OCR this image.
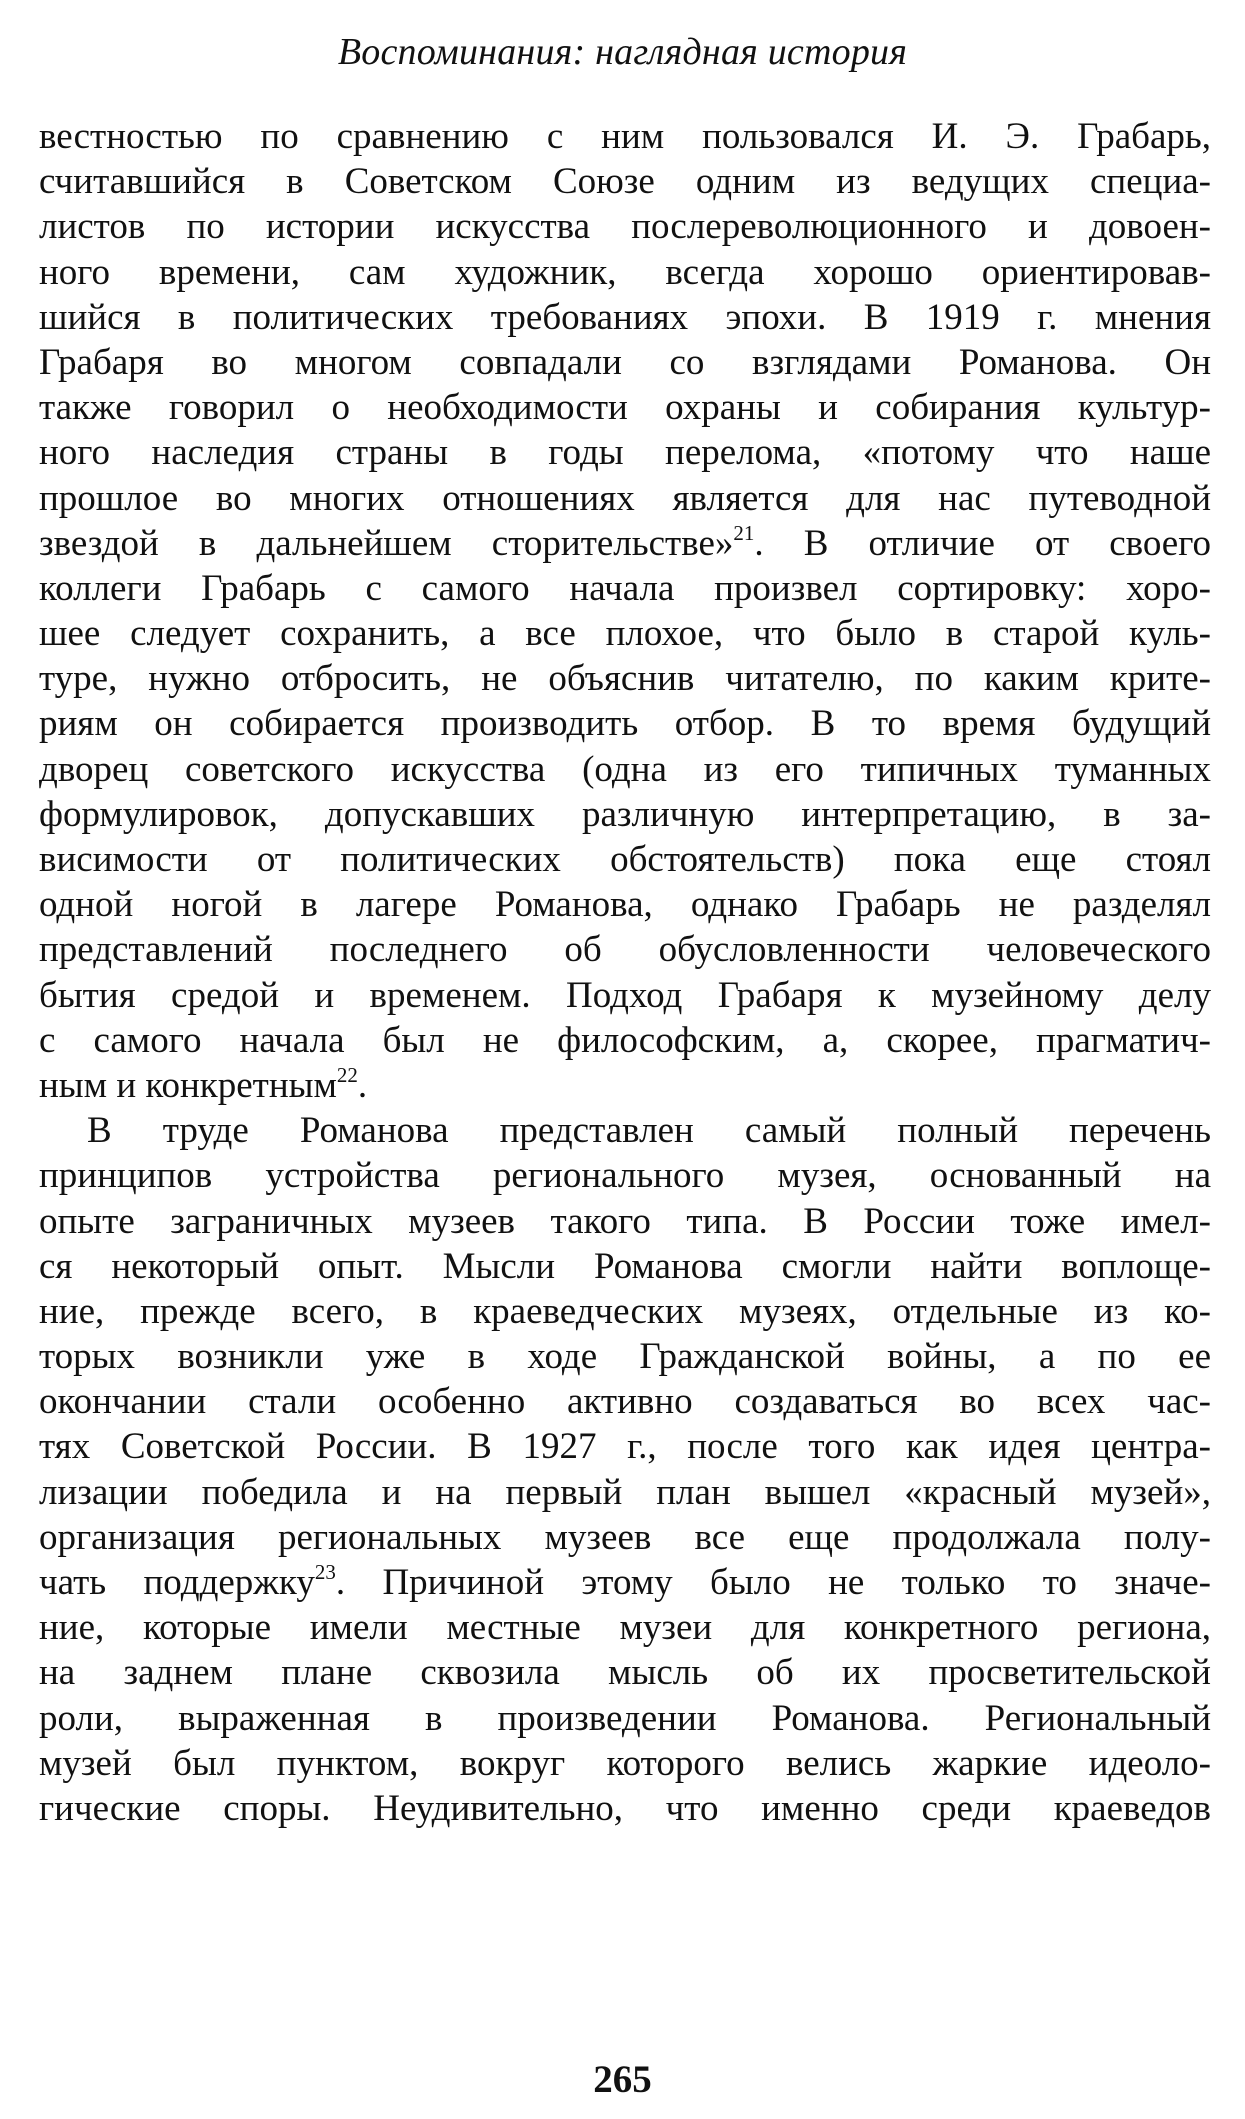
Воспоминания: наглядная история
вестностью по сравнению с ним пользовался И. Э. Грабарь,
считавшийся в Советском Союзе одним из ведущих специа-
листов по истории искусства послереволюционного и довоен-
ного времени, сам художник, всегда хорошо ориентировав-
шийся в политических требованиях эпохи. В 1919 г. мнения
Грабаря во многом совпадали со взглядами Романова. Он
также говорил о необходимости охраны и собирания культур-
ного наследия страны в годы перелома, «потому что наше
прошлое во многих отношениях является для нас путеводной
звездой в дальнейшем сторительстве»$^{21}$. В отличие от своего
коллеги Грабарь с самого начала произвел сортировку: хоро-
шее следует сохранить, а все плохое, что было в старой куль-
туре, нужно отбросить, не объяснив читателю, по каким крите-
риям он собирается производить отбор. В то время будущий
дворец советского искусства (одна из его типичных туманных
формулировок, допускавших различную интерпретацию, в за-
висимости от политических обстоятельств) пока еще стоял
одной ногой в лагере Романова, однако Грабарь не разделял
представлений последнего об обусловленности человеческого
бытия средой и временем. Подход Грабаря к музейному делу
с самого начала был не философским, а, скорее, прагматич-
ным и конкретным$^{22}$.
В труде Романова представлен самый полный перечень
принципов устройства регионального музея, основанный на
опыте заграничных музеев такого типа. В России тоже имел-
ся некоторый опыт. Мысли Романова смогли найти воплоще-
ние, прежде всего, в краеведческих музеях, отдельные из ко-
торых возникли уже в ходе Гражданской войны, а по ее
окончании стали особенно активно создаваться во всех час-
тях Советской России. В 1927 г., после того как идея центра-
лизации победила и на первый план вышел «красный музей»,
организация региональных музеев все еще продолжала полу-
чать поддержку$^{23}$. Причиной этому было не только то значе-
ние, которые имели местные музеи для конкретного региона,
на заднем плане сквозила мысль об их просветительской
роли, выраженная в произведении Романова. Региональный
музей был пунктом, вокруг которого велись жаркие идеоло-
гические споры. Неудивительно, что именно среди краеведов
265
